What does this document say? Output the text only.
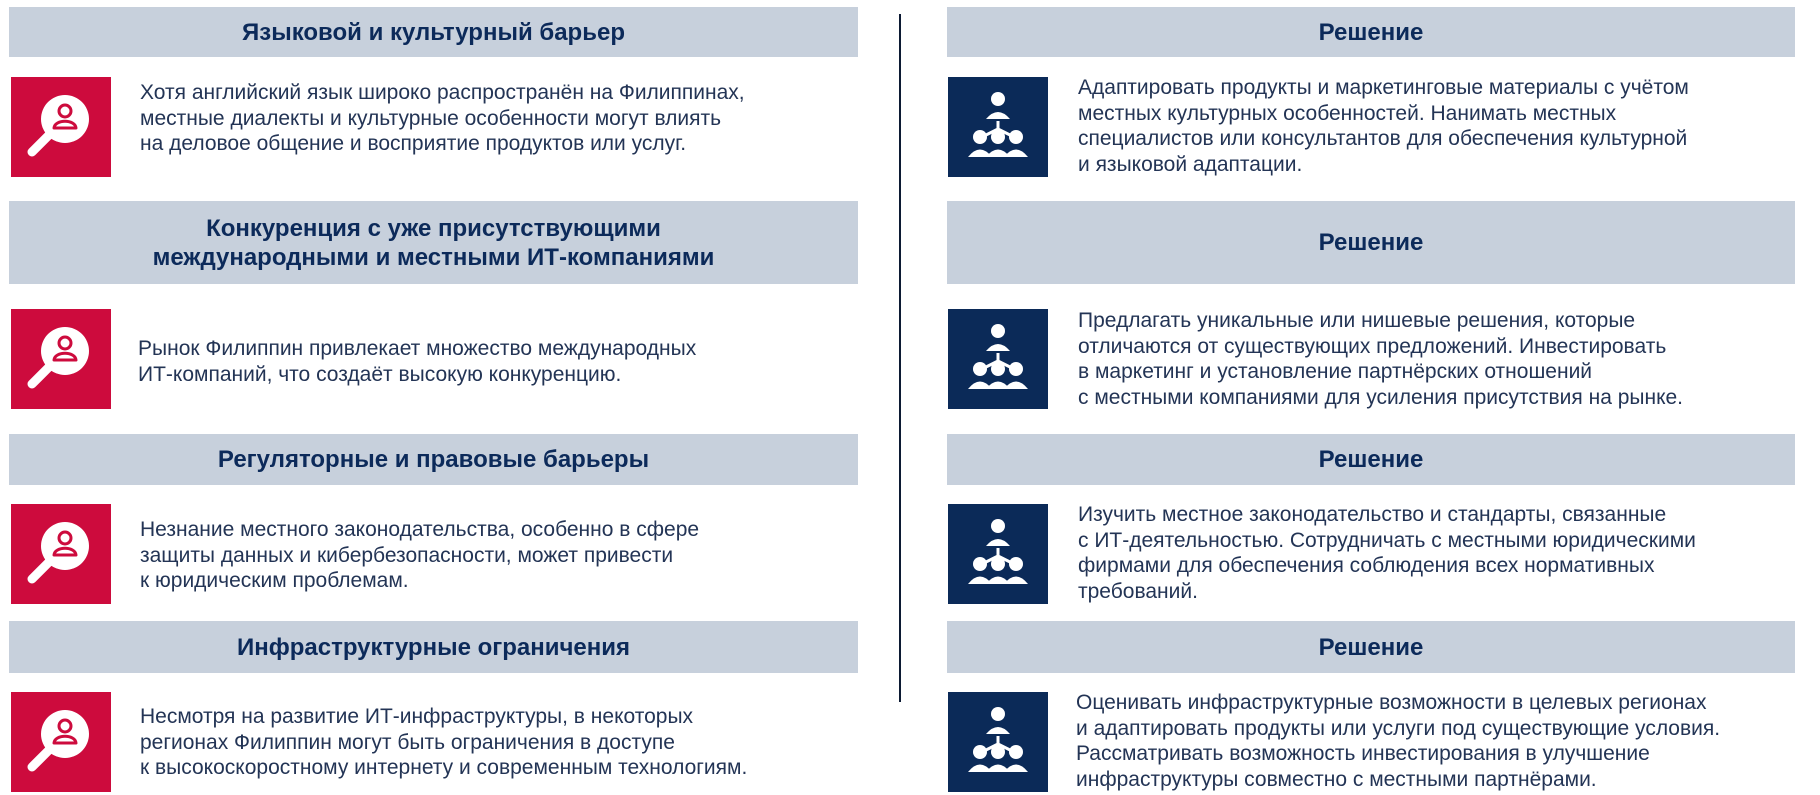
Языковой и культурный барьер
Хотя английский язык широко распространён на Филиппинах,
местные диалекты и культурные особенности могут влиять
на деловое общение и восприятие продуктов или услуг.
Конкуренция с уже присутствующими
международными и местными ИТ-компаниями
Рынок Филиппин привлекает множество международных
ИТ-компаний, что создаёт высокую конкуренцию.
Регуляторные и правовые барьеры
Незнание местного законодательства, особенно в сфере
защиты данных и кибербезопасности, может привести
к юридическим проблемам.
Инфраструктурные ограничения
Несмотря на развитие ИТ-инфраструктуры, в некоторых
регионах Филиппин могут быть ограничения в доступе
к высокоскоростному интернету и современным технологиям.
Решение
Адаптировать продукты и маркетинговые материалы с учётом
местных культурных особенностей. Нанимать местных
специалистов или консультантов для обеспечения культурной
и языковой адаптации.
Решение
Предлагать уникальные или нишевые решения, которые
отличаются от существующих предложений. Инвестировать
в маркетинг и установление партнёрских отношений
с местными компаниями для усиления присутствия на рынке.
Решение
Изучить местное законодательство и стандарты, связанные
с ИТ-деятельностью. Сотрудничать с местными юридическими
фирмами для обеспечения соблюдения всех нормативных
требований.
Решение
Оценивать инфраструктурные возможности в целевых регионах
и адаптировать продукты или услуги под существующие условия.
Рассматривать возможность инвестирования в улучшение
инфраструктуры совместно с местными партнёрами.
